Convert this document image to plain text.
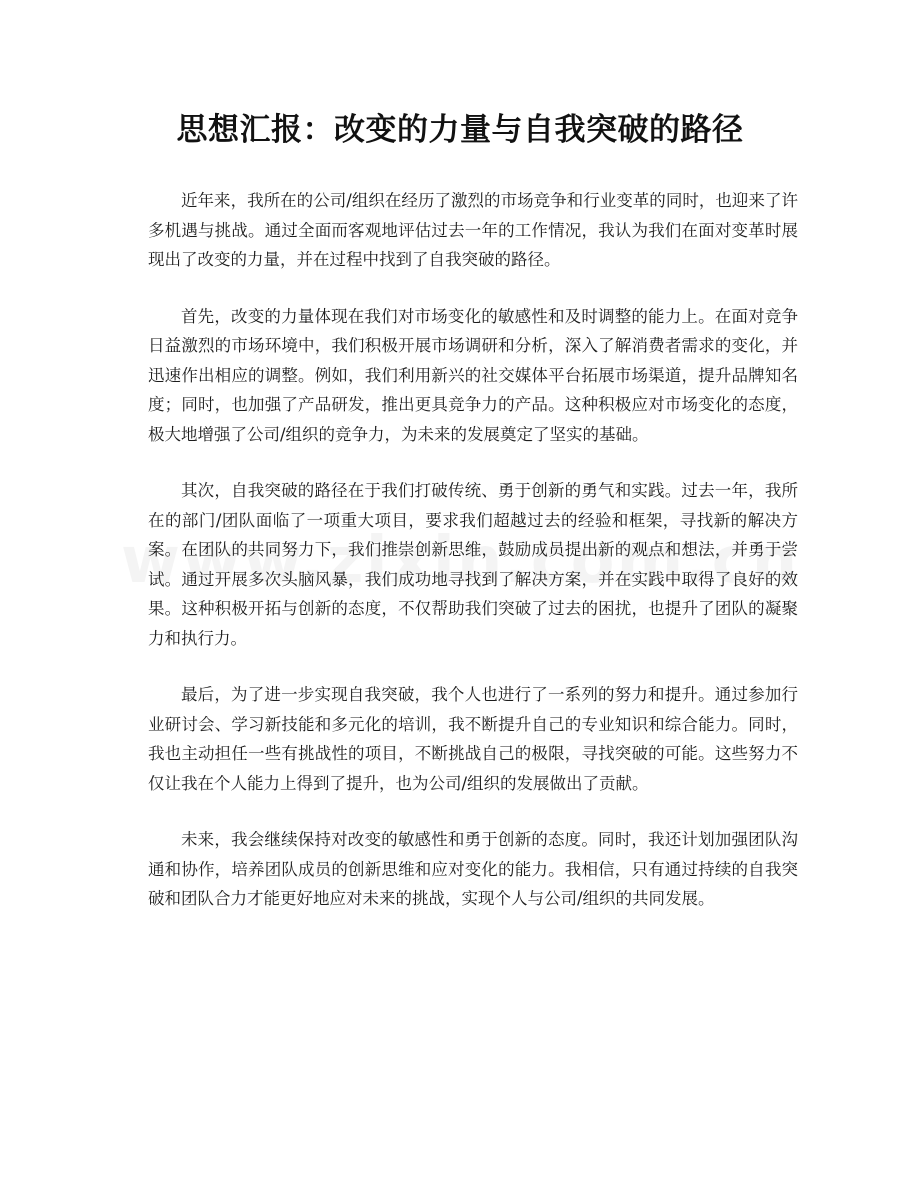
思想汇报：改变的力量与自我突破的路径

近年来，我所在的公司/组织在经历了激烈的市场竞争和行业变革的同时，也迎来了许多机遇与挑战。通过全面而客观地评估过去一年的工作情况，我认为我们在面对变革时展现出了改变的力量，并在过程中找到了自我突破的路径。

首先，改变的力量体现在我们对市场变化的敏感性和及时调整的能力上。在面对竞争日益激烈的市场环境中，我们积极开展市场调研和分析，深入了解消费者需求的变化，并迅速作出相应的调整。例如，我们利用新兴的社交媒体平台拓展市场渠道，提升品牌知名度；同时，也加强了产品研发，推出更具竞争力的产品。这种积极应对市场变化的态度，极大地增强了公司/组织的竞争力，为未来的发展奠定了坚实的基础。

其次，自我突破的路径在于我们打破传统、勇于创新的勇气和实践。过去一年，我所在的部门/团队面临了一项重大项目，要求我们超越过去的经验和框架，寻找新的解决方案。在团队的共同努力下，我们推崇创新思维，鼓励成员提出新的观点和想法，并勇于尝试。通过开展多次头脑风暴，我们成功地寻找到了解决方案，并在实践中取得了良好的效果。这种积极开拓与创新的态度，不仅帮助我们突破了过去的困扰，也提升了团队的凝聚力和执行力。

最后，为了进一步实现自我突破，我个人也进行了一系列的努力和提升。通过参加行业研讨会、学习新技能和多元化的培训，我不断提升自己的专业知识和综合能力。同时，我也主动担任一些有挑战性的项目，不断挑战自己的极限，寻找突破的可能。这些努力不仅让我在个人能力上得到了提升，也为公司/组织的发展做出了贡献。

未来，我会继续保持对改变的敏感性和勇于创新的态度。同时，我还计划加强团队沟通和协作，培养团队成员的创新思维和应对变化的能力。我相信，只有通过持续的自我突破和团队合力才能更好地应对未来的挑战，实现个人与公司/组织的共同发展。
